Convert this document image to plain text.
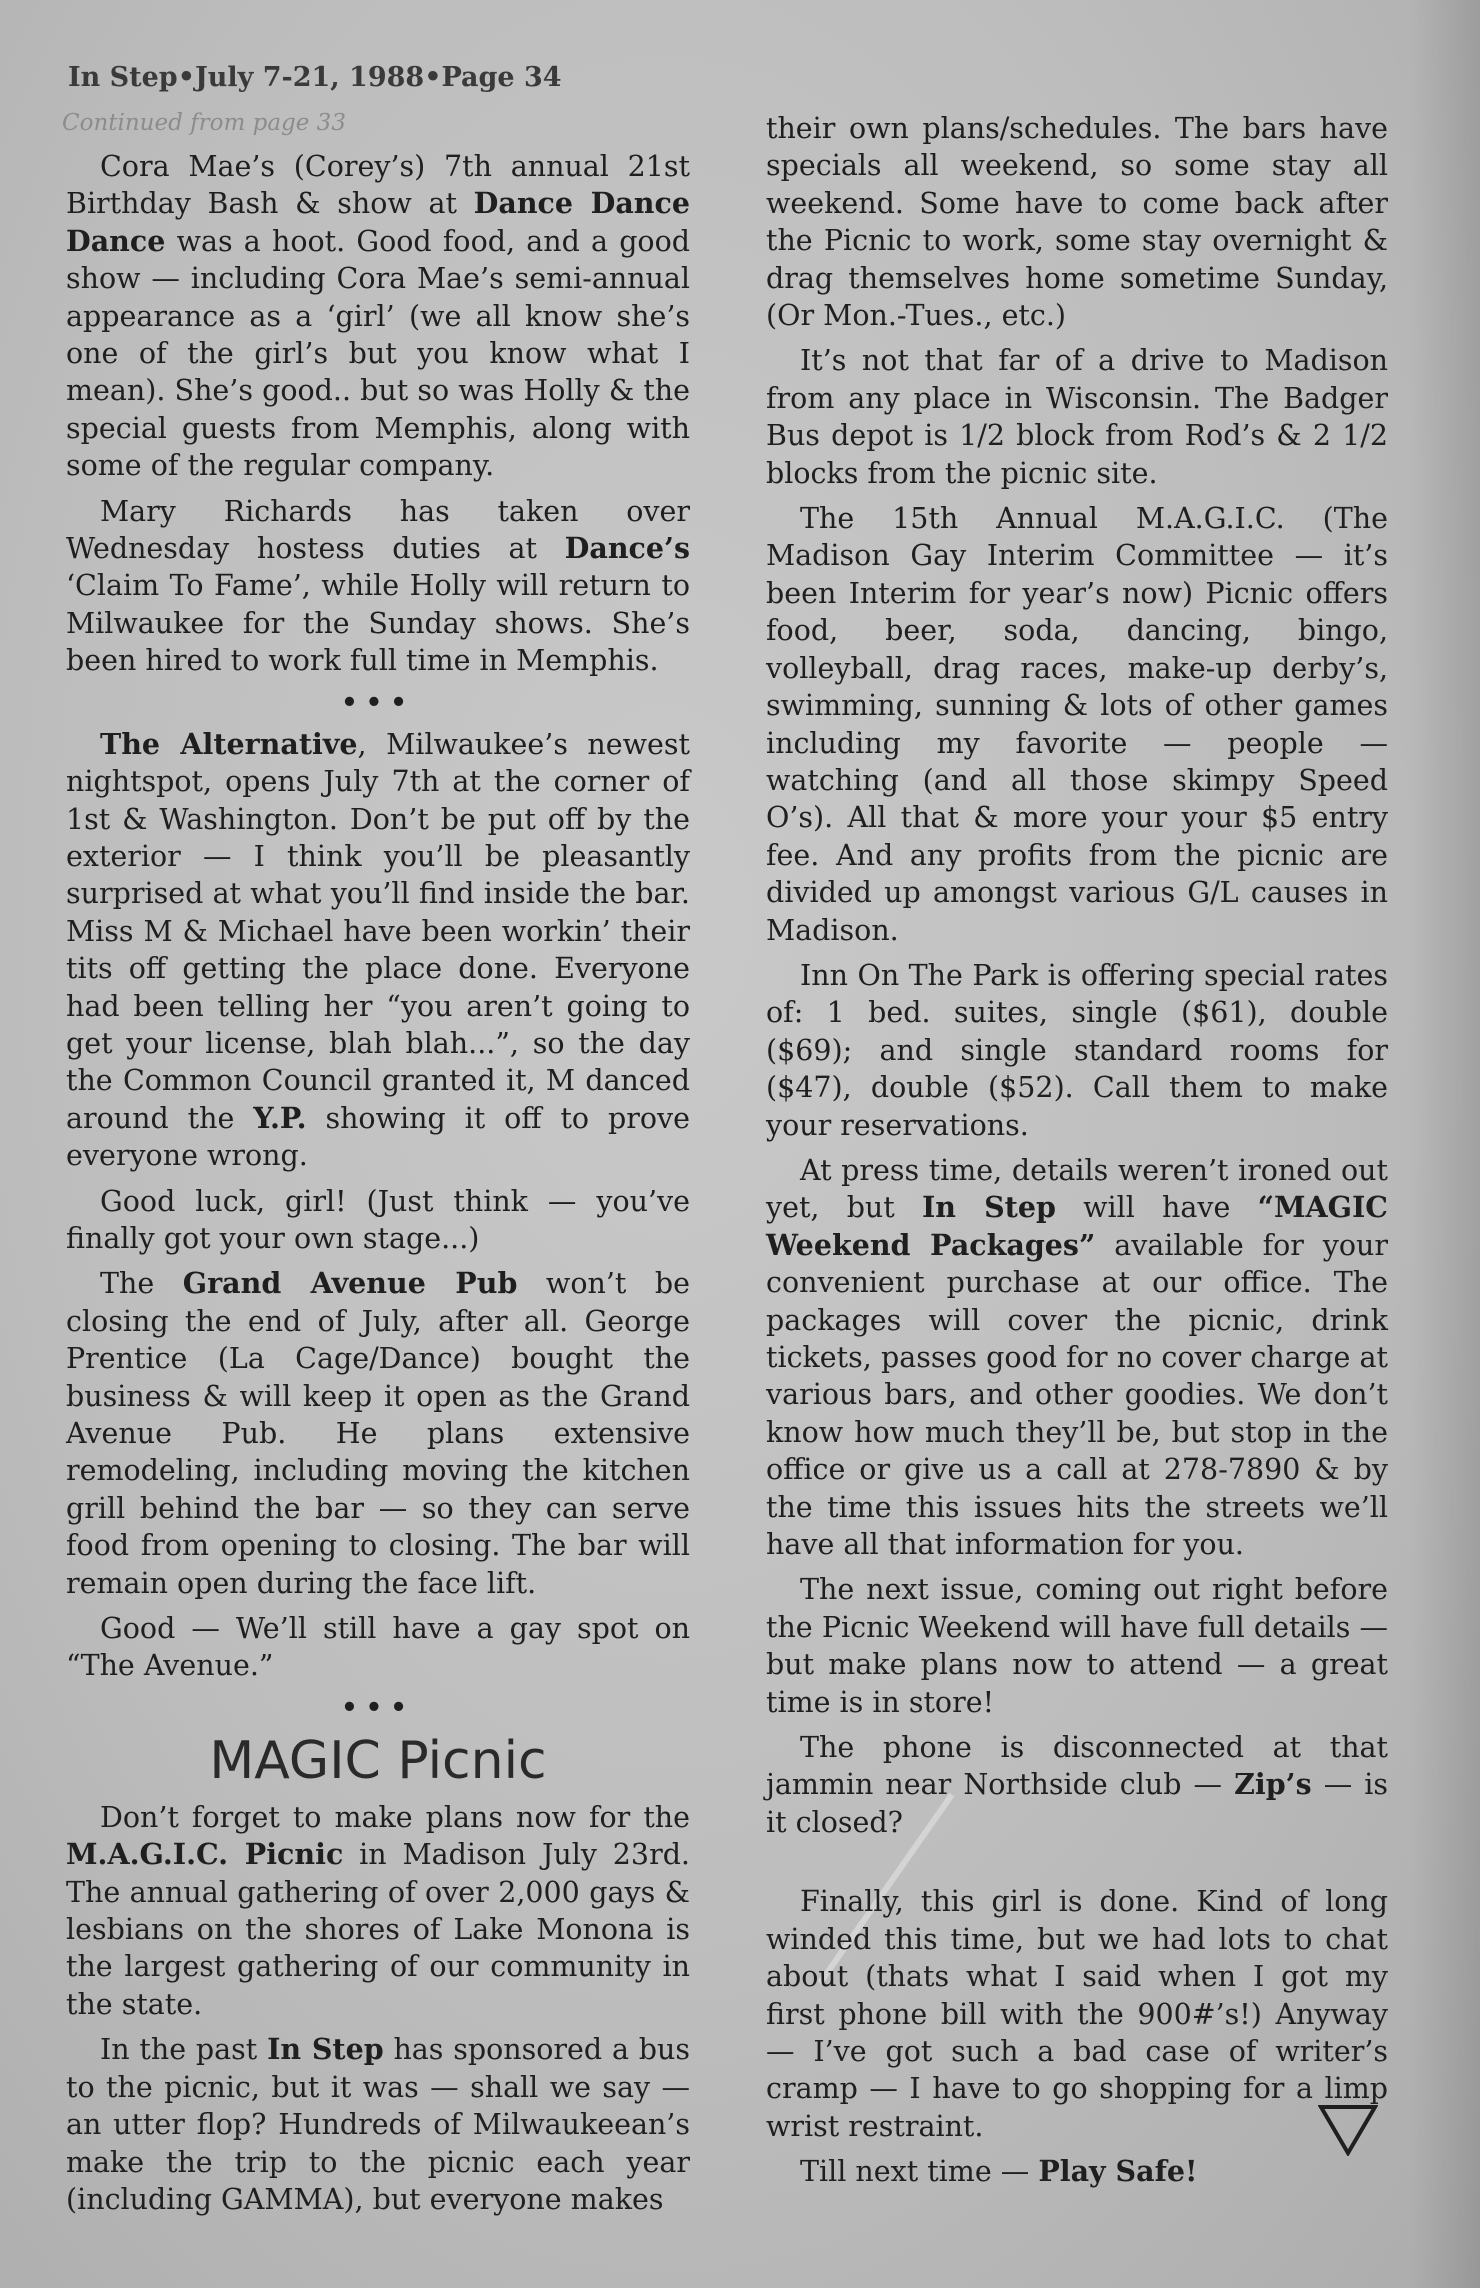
In Step•July 7-21, 1988•Page 34
Continued from page 33

Cora Mae’s (Corey’s) 7th annual 21st Birthday Bash & show at Dance Dance Dance was a hoot. Good food, and a good show — including Cora Mae’s semi-annual appearance as a ‘girl’ (we all know she’s one of the girl’s but you know what I mean). She’s good.. but so was Holly & the special guests from Memphis, along with some of the regular company.

Mary Richards has taken over Wednesday hostess duties at Dance’s ‘Claim To Fame’, while Holly will return to Milwaukee for the Sunday shows. She’s been hired to work full time in Memphis.

•••

The Alternative, Milwaukee’s newest nightspot, opens July 7th at the corner of 1st & Washington. Don’t be put off by the exterior — I think you’ll be pleasantly surprised at what you’ll find inside the bar. Miss M & Michael have been workin’ their tits off getting the place done. Everyone had been telling her “you aren’t going to get your license, blah blah...”, so the day the Common Council granted it, M danced around the Y.P. showing it off to prove everyone wrong.

Good luck, girl! (Just think — you’ve finally got your own stage...)

The Grand Avenue Pub won’t be closing the end of July, after all. George Prentice (La Cage/Dance) bought the business & will keep it open as the Grand Avenue Pub. He plans extensive remodeling, including moving the kitchen grill behind the bar — so they can serve food from opening to closing. The bar will remain open during the face lift.

Good — We’ll still have a gay spot on “The Avenue.”

•••
MAGIC Picnic

Don’t forget to make plans now for the M.A.G.I.C. Picnic in Madison July 23rd. The annual gathering of over 2,000 gays & lesbians on the shores of Lake Monona is the largest gathering of our community in the state.

In the past In Step has sponsored a bus to the picnic, but it was — shall we say — an utter flop? Hundreds of Milwaukeean’s make the trip to the picnic each year (including GAMMA), but everyone makes

their own plans/schedules. The bars have specials all weekend, so some stay all weekend. Some have to come back after the Picnic to work, some stay overnight & drag themselves home sometime Sunday, (Or Mon.-Tues., etc.)

It’s not that far of a drive to Madison from any place in Wisconsin. The Badger Bus depot is 1/2 block from Rod’s & 2 1/2 blocks from the picnic site.

The 15th Annual M.A.G.I.C. (The Madison Gay Interim Committee — it’s been Interim for year’s now) Picnic offers food, beer, soda, dancing, bingo, volleyball, drag races, make-up derby’s, swimming, sunning & lots of other games including my favorite — people — watching (and all those skimpy Speed O’s). All that & more your your $5 entry fee. And any profits from the picnic are divided up amongst various G/L causes in Madison.

Inn On The Park is offering special rates of: 1 bed. suites, single ($61), double ($69); and single standard rooms for ($47), double ($52). Call them to make your reservations.

At press time, details weren’t ironed out yet, but In Step will have “MAGIC Weekend Packages” available for your convenient purchase at our office. The packages will cover the picnic, drink tickets, passes good for no cover charge at various bars, and other goodies. We don’t know how much they’ll be, but stop in the office or give us a call at 278-7890 & by the time this issues hits the streets we’ll have all that information for you.

The next issue, coming out right before the Picnic Weekend will have full details — but make plans now to attend — a great time is in store!

The phone is disconnected at that jammin near Northside club — Zip’s — is it closed?

Finally, this girl is done. Kind of long winded this time, but we had lots to chat about (thats what I said when I got my first phone bill with the 900#’s!) Anyway — I’ve got such a bad case of writer’s cramp — I have to go shopping for a limp wrist restraint.

Till next time — Play Safe!
